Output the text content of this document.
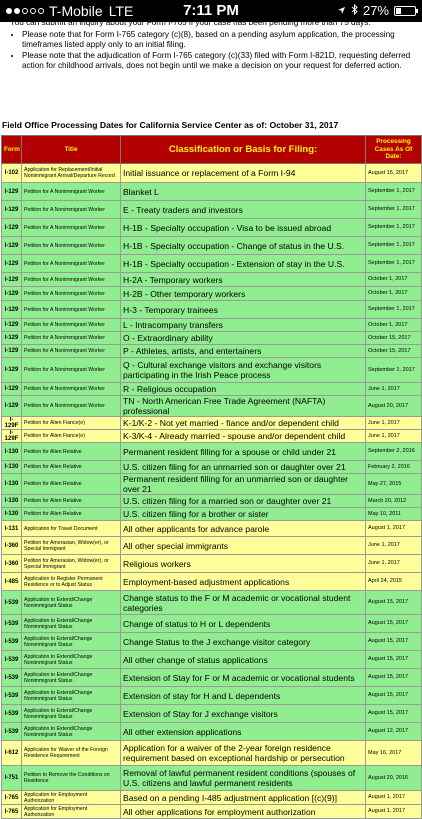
T-Mobile LTE	7:11 PM	27%
You can submit an inquiry about your Form I-765 if your case has been pending more than 75 days.
• Please note that for Form I-765 category (c)(8), based on a pending asylum application, the processing timeframes listed apply only to an initial filing.
• Please note that the adjudication of Form I-765 category (c)(33) filed with Form I-821D, requesting deferred action for childhood arrivals, does not begin until we make a decision on your request for deferred action.
Field Office Processing Dates for California Service Center as of: October 31, 2017
Form	Title	Classification or Basis for Filing:	Processing Cases As Of Date:
I-102	Application for Replacement/Initial Nonimmigrant Arrival/Departure Record	Initial issuance or replacement of a Form I-94	August 15, 2017
I-129	Petition for A Nonimmigrant Worker	Blanket L	September 1, 2017
I-129	Petition for A Nonimmigrant Worker	E - Treaty traders and investors	September 1, 2017
I-129	Petition for A Nonimmigrant Worker	H-1B - Specialty occupation - Visa to be issued abroad	September 1, 2017
I-129	Petition for A Nonimmigrant Worker	H-1B - Specialty occupation - Change of status in the U.S.	September 1, 2017
I-129	Petition for A Nonimmigrant Worker	H-1B - Specialty occupation - Extension of stay in the U.S.	September 1, 2017
I-129	Petition for A Nonimmigrant Worker	H-2A - Temporary workers	October 1, 2017
I-129	Petition for A Nonimmigrant Worker	H-2B - Other temporary workers	October 1, 2017
I-129	Petition for A Nonimmigrant Worker	H-3 - Temporary trainees	September 1, 2017
I-129	Petition for A Nonimmigrant Worker	L - Intracompany transfers	October 1, 2017
I-129	Petition for A Nonimmigrant Worker	O - Extraordinary ability	October 15, 2017
I-129	Petition for A Nonimmigrant Worker	P - Athletes, artists, and entertainers	October 15, 2017
I-129	Petition for A Nonimmigrant Worker	Q - Cultural exchange visitors and exchange visitors participating in the Irish Peace process	September 1, 2017
I-129	Petition for A Nonimmigrant Worker	R - Religious occupation	June 1, 2017
I-129	Petition for A Nonimmigrant Worker	TN - North American Free Trade Agreement (NAFTA) professional	August 20, 2017
I-129F	Petition for Alien Fiance(e)	K-1/K-2 - Not yet married - fiance and/or dependent child	June 1, 2017
I-129F	Petition for Alien Fiance(e)	K-3/K-4 - Already married - spouse and/or dependent child	June 1, 2017
I-130	Petition for Alien Relative	Permanent resident filling for a spouse or child under 21	September 2, 2016
I-130	Petition for Alien Relative	U.S. citizen filing for an unmarried son or daughter over 21	February 2, 2016
I-130	Petition for Alien Relative	Permanent resident filling for an unmarried son or daughter over 21	May 27, 2015
I-130	Petition for Alien Relative	U.S. citizen filing for a married son or daughter over 21	March 20, 2012
I-130	Petition for Alien Relative	U.S. citizen filing for a brother or sister	May 10, 2011
I-131	Application for Travel Document	All other applicants for advance parole	August 1, 2017
I-360	Petition for Amerasian, Widow(er), or Special Immigrant	All other special immigrants	June 1, 2017
I-360	Petition for Amerasian, Widow(er), or Special Immigrant	Religious workers	June 1, 2017
I-485	Application to Register Permanent Residence or to Adjust Status	Employment-based adjustment applications	April 24, 2015
I-539	Application to Extend/Change Nonimmigrant Status	Change status to the F or M academic or vocational student categories	August 15, 2017
I-539	Application to Extend/Change Nonimmigrant Status	Change of status to H or L dependents	August 15, 2017
I-539	Application to Extend/Change Nonimmigrant Status	Change Status to the J exchange visitor category	August 15, 2017
I-539	Application to Extend/Change Nonimmigrant Status	All other change of status applications	August 15, 2017
I-539	Application to Extend/Change Nonimmigrant Status	Extension of Stay for F or M academic or vocational students	August 15, 2017
I-539	Application to Extend/Change Nonimmigrant Status	Extension of stay for H and L dependents	August 15, 2017
I-539	Application to Extend/Change Nonimmigrant Status	Extension of Stay for J exchange visitors	August 15, 2017
I-539	Application to Extend/Change Nonimmigrant Status	All other extension applications	August 12, 2017
I-612	Application for Waiver of the Foreign Residence Requirement	Application for a waiver of the 2-year foreign residence requirement based on exceptional hardship or persecution	May 16, 2017
I-751	Petition to Remove the Conditions on Residence	Removal of lawful permanent resident conditions (spouses of U.S. citizens and lawful permanent residents	August 20, 2016
I-765	Application for Employment Authorization	Based on a pending I-485 adjustment application [(c)(9)]	August 1, 2017
I-765	Application for Employment Authorization	All other applications for employment authorization	August 1, 2017
